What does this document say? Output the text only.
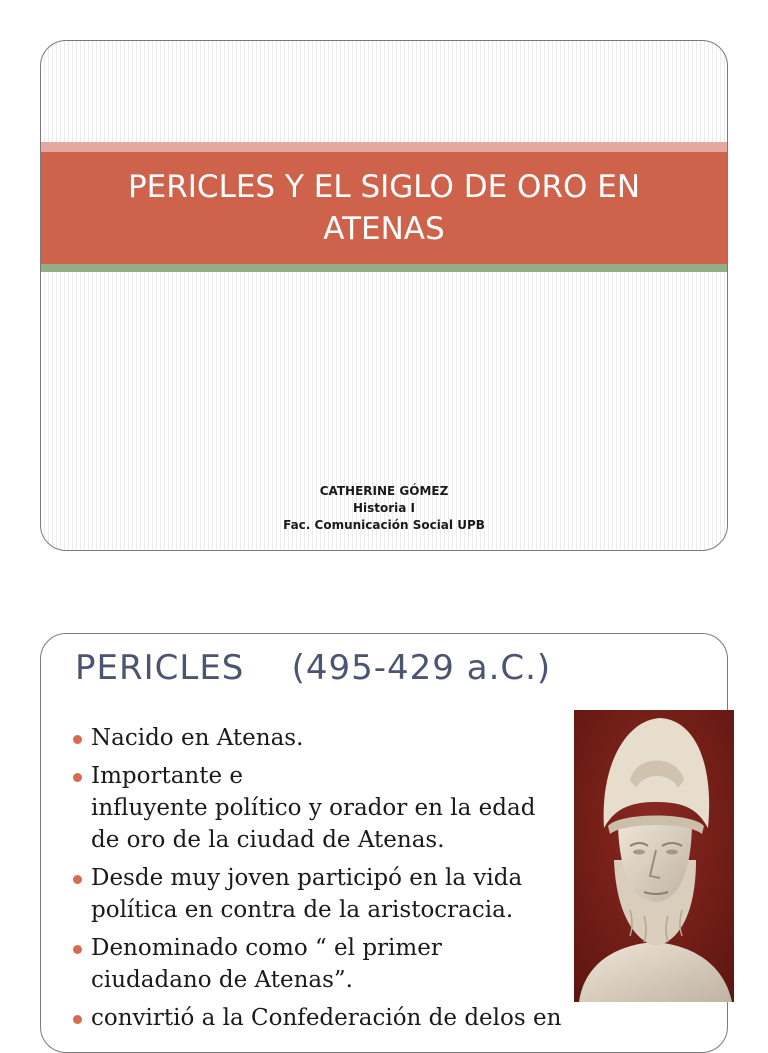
PERICLES Y EL SIGLO DE ORO EN ATENAS
CATHERINE GÓMEZ
Historia I
Fac. Comunicación Social UPB
PERICLES    (495-429 a.C.)
Nacido en Atenas.
Importante e
influyente político y orador en la edad
de oro de la ciudad de Atenas.
Desde muy joven participó en la vida
política en contra de la aristocracia.
Denominado como “ el primer
ciudadano de Atenas”.
convirtió a la Confederación de delos en
